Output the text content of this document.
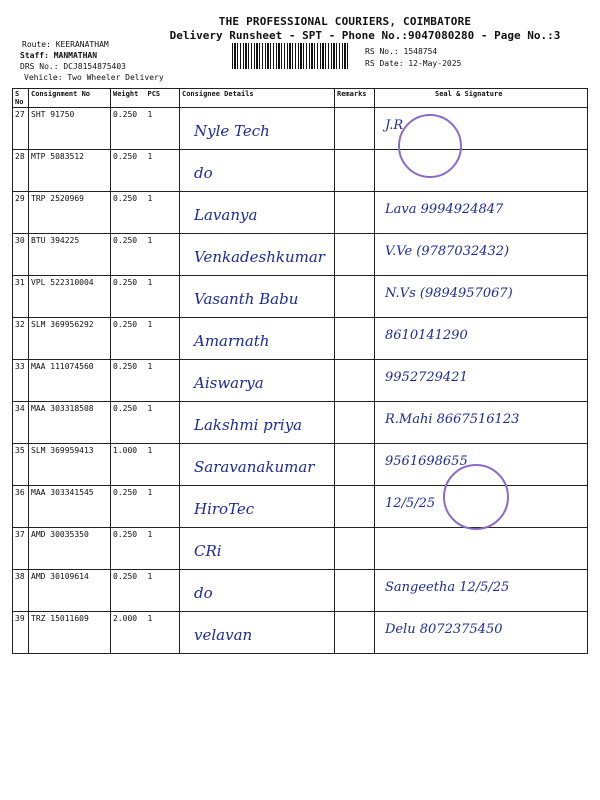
THE PROFESSIONAL COURIERS, COIMBATORE
Delivery Runsheet - SPT - Phone No.:9047080280 - Page No.:3
Route: KEERANATHAM
Staff: MANMATHAN
DRS No.: DCJ8154875403
Vehicle: Two Wheeler Delivery
RS No.: 1548754
RS Date: 12-May-2025
S No	Consignment No	Weight	PCS	Consignee Details	Remarks	Seal & Signature
27	SHT 91750	0.250	1	Nyle Tech		J.R

28	MTP 5083512	0.250	1	do		

29	TRP 2520969	0.250	1	Lavanya		Lava 9994924847

30	BTU 394225	0.250	1	Venkadeshkumar		V.Ve (9787032432)

31	VPL 522310004	0.250	1	Vasanth Babu		N.Vs (9894957067)

32	SLM 369956292	0.250	1	Amarnath		8610141290

33	MAA 111074560	0.250	1	Aiswarya		9952729421

34	MAA 303318508	0.250	1	Lakshmi priya		R.Mahi 8667516123

35	SLM 369959413	1.000	1	Saravanakumar		9561698655

36	MAA 303341545	0.250	1	HiroTec		12/5/25

37	AMD 30035350	0.250	1	CRi		

38	AMD 30109614	0.250	1	do		Sangeetha 12/5/25

39	TRZ 15011609	2.000	1	velavan		Delu 8072375450
